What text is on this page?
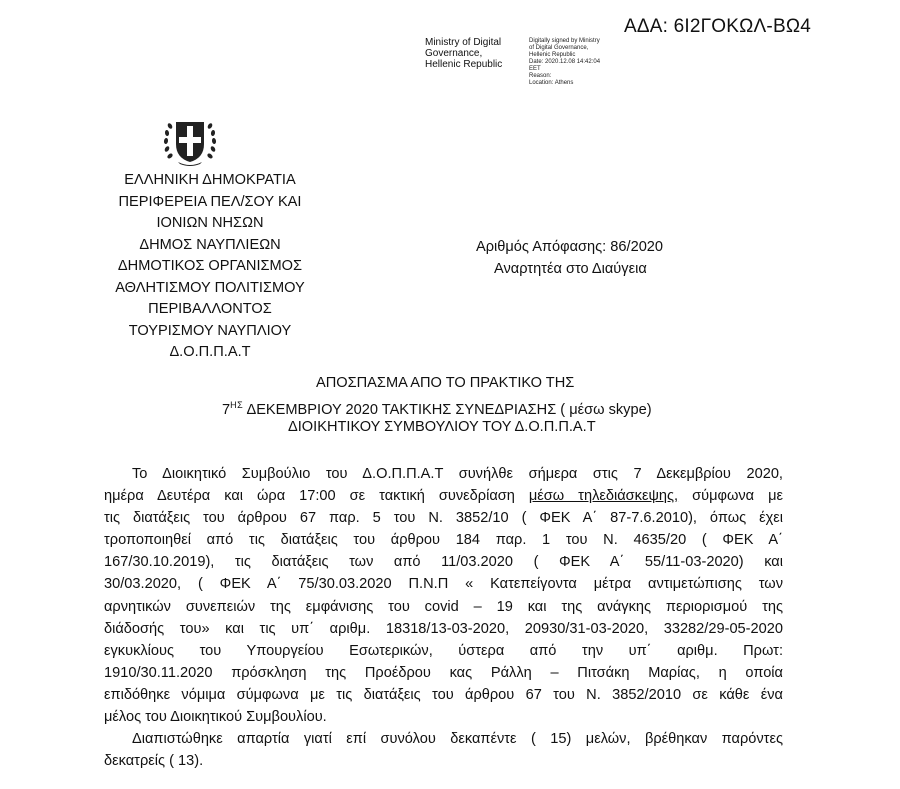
ΑΔΑ: 6Ι2ΓΟΚΩΛ-ΒΩ4
Ministry of Digital
Governance,
Hellenic Republic
Digitally signed by Ministry
of Digital Governance,
Hellenic Republic
Date: 2020.12.08 14:42:04
EET
Reason:
Location: Athens
ΕΛΛΗΝΙΚΗ ΔΗΜΟΚΡΑΤΙΑ
ΠΕΡΙΦΕΡΕΙΑ ΠΕΛ/ΣΟΥ ΚΑΙ
ΙΟΝΙΩΝ ΝΗΣΩΝ
ΔΗΜΟΣ ΝΑΥΠΛΙΕΩΝ
ΔΗΜΟΤΙΚΟΣ ΟΡΓΑΝΙΣΜΟΣ
ΑΘΛΗΤΙΣΜΟΥ ΠΟΛΙΤΙΣΜΟΥ
ΠΕΡΙΒΑΛΛΟΝΤΟΣ
ΤΟΥΡΙΣΜΟΥ ΝΑΥΠΛΙΟΥ
Δ.Ο.Π.Π.Α.Τ
Αριθμός Απόφασης: 86/2020
Αναρτητέα στο Διαύγεια
ΑΠΟΣΠΑΣΜΑ ΑΠΟ ΤΟ ΠΡΑΚΤΙΚΟ ΤΗΣ
$7^{H\Sigma}$ ΔΕΚΕΜΒΡΙΟΥ 2020 ΤΑΚΤΙΚΗΣ ΣΥΝΕΔΡΙΑΣΗΣ ( μέσω skype)
ΔΙΟΙΚΗΤΙΚΟΥ ΣΥΜΒΟΥΛΙΟΥ ΤΟΥ Δ.Ο.Π.Π.Α.Τ
Το Διοικητικό Συμβούλιο του Δ.Ο.Π.Π.Α.Τ συνήλθε σήμερα στις 7 Δεκεμβρίου 2020,
ημέρα Δευτέρα και ώρα 17:00 σε τακτική συνεδρίαση μέσω τηλεδιάσκεψης, σύμφωνα με
τις διατάξεις του άρθρου 67 παρ. 5 του Ν. 3852/10 ( ΦΕΚ Α΄ 87-7.6.2010), όπως έχει
τροποποιηθεί από τις διατάξεις του άρθρου 184 παρ. 1 του Ν. 4635/20 ( ΦΕΚ Α΄
167/30.10.2019), τις διατάξεις των από 11/03.2020 ( ΦΕΚ Α΄ 55/11-03-2020) και
30/03.2020, ( ΦΕΚ Α΄ 75/30.03.2020 Π.Ν.Π « Κατεπείγοντα μέτρα αντιμετώπισης των
αρνητικών συνεπειών της εμφάνισης του covid – 19 και της ανάγκης περιορισμού της
διάδοσής του» και τις υπ΄ αριθμ. 18318/13-03-2020, 20930/31-03-2020, 33282/29-05-2020
εγκυκλίους του Υπουργείου Εσωτερικών, ύστερα από την υπ΄ αριθμ. Πρωτ:
1910/30.11.2020 πρόσκληση της Προέδρου κας Ράλλη – Πιτσάκη Μαρίας, η οποία
επιδόθηκε νόμιμα σύμφωνα με τις διατάξεις του άρθρου 67 του Ν. 3852/2010 σε κάθε ένα
μέλος του Διοικητικού Συμβουλίου.
Διαπιστώθηκε απαρτία γιατί επί συνόλου δεκαπέντε ( 15) μελών, βρέθηκαν παρόντες
δεκατρείς ( 13).
